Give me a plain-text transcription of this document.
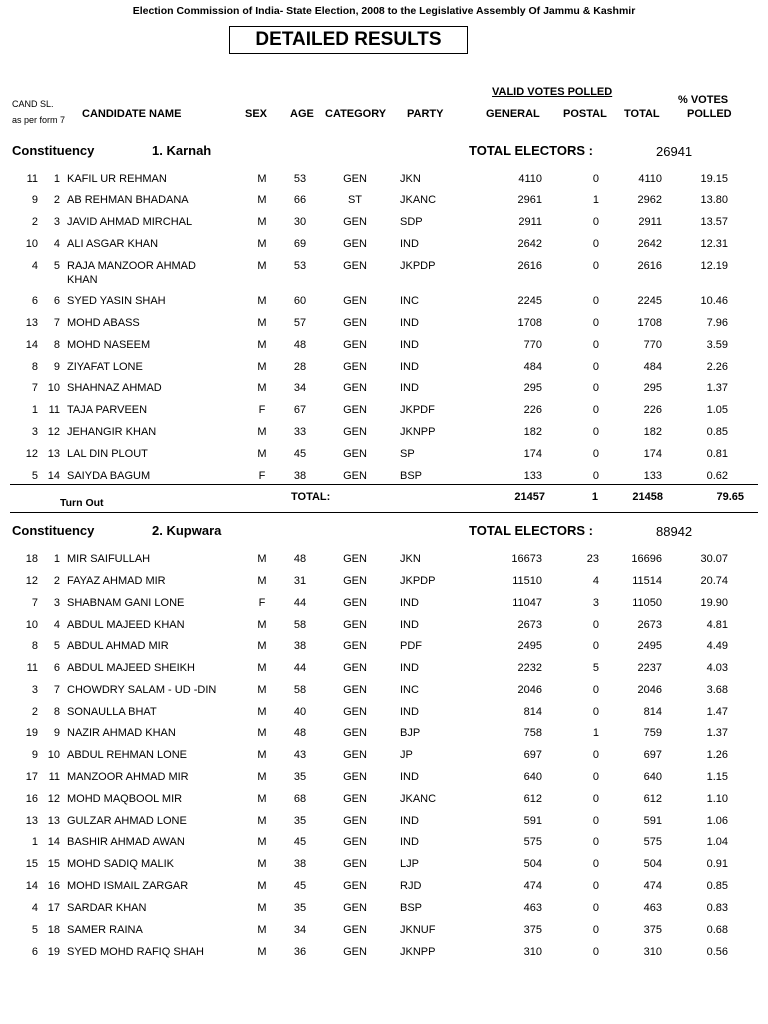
Election Commission of India- State Election, 2008 to the Legislative Assembly Of Jammu & Kashmir
DETAILED RESULTS
CAND SL.
as per form 7 CANDIDATE NAME	SEX AGE CATEGORY PARTY
VALID VOTES POLLED
GENERAL POSTAL TOTAL
% VOTES
POLLED
Constituency	1. Karnah	TOTAL ELECTORS :	26941
11	1 KAFIL UR REHMAN	M	53	GEN	JKN	4110	0	4110	19.15
9	2 AB REHMAN BHADANA	M	66	ST	JKANC	2961	1	2962	13.80
2	3 JAVID AHMAD MIRCHAL	M	30	GEN	SDP	2911	0	2911	13.57
10	4 ALI ASGAR KHAN	M	69	GEN	IND	2642	0	2642	12.31
4	5 RAJA MANZOOR AHMAD	M	53	GEN	JKPDP	2616	0	2616	12.19
KHAN
6	6 SYED YASIN SHAH	M	60	GEN	INC	2245	0	2245	10.46
13	7 MOHD ABASS	M	57	GEN	IND	1708	0	1708	7.96
14	8 MOHD NASEEM	M	48	GEN	IND	770	0	770	3.59
8	9 ZIYAFAT LONE	M	28	GEN	IND	484	0	484	2.26
7 10 SHAHNAZ AHMAD	M	34	GEN	IND	295	0	295	1.37
1 11 TAJA PARVEEN	F	67	GEN	JKPDF	226	0	226	1.05
3 12 JEHANGIR KHAN	M	33	GEN	JKNPP	182	0	182	0.85
12 13 LAL DIN PLOUT	M	45	GEN	SP	174	0	174	0.81
5 14 SAIYDA BAGUM	F	38	GEN	BSP	133	0	133	0.62
Turn Out	TOTAL:	21457	1	21458	79.65
Constituency	2. Kupwara	TOTAL ELECTORS :	88942
18	1 MIR SAIFULLAH	M	48	GEN	JKN	16673	23	16696	30.07
12	2 FAYAZ AHMAD MIR	M	31	GEN	JKPDP	11510	4	11514	20.74
7	3 SHABNAM GANI LONE	F	44	GEN	IND	11047	3	11050	19.90
10	4 ABDUL MAJEED KHAN	M	58	GEN	IND	2673	0	2673	4.81
8	5 ABDUL AHMAD MIR	M	38	GEN	PDF	2495	0	2495	4.49
11	6 ABDUL MAJEED SHEIKH	M	44	GEN	IND	2232	5	2237	4.03
3	7 CHOWDRY SALAM - UD -DIN	M	58	GEN	INC	2046	0	2046	3.68
2	8 SONAULLA BHAT	M	40	GEN	IND	814	0	814	1.47
19	9 NAZIR AHMAD KHAN	M	48	GEN	BJP	758	1	759	1.37
9 10 ABDUL REHMAN LONE	M	43	GEN	JP	697	0	697	1.26
17 11 MANZOOR AHMAD MIR	M	35	GEN	IND	640	0	640	1.15
16 12 MOHD MAQBOOL MIR	M	68	GEN	JKANC	612	0	612	1.10
13 13 GULZAR AHMAD LONE	M	35	GEN	IND	591	0	591	1.06
1 14 BASHIR AHMAD AWAN	M	45	GEN	IND	575	0	575	1.04
15 15 MOHD SADIQ MALIK	M	38	GEN	LJP	504	0	504	0.91
14 16 MOHD ISMAIL ZARGAR	M	45	GEN	RJD	474	0	474	0.85
4 17 SARDAR KHAN	M	35	GEN	BSP	463	0	463	0.83
5 18 SAMER RAINA	M	34	GEN	JKNUF	375	0	375	0.68
6 19 SYED MOHD RAFIQ SHAH	M	36	GEN	JKNPP	310	0	310	0.56
